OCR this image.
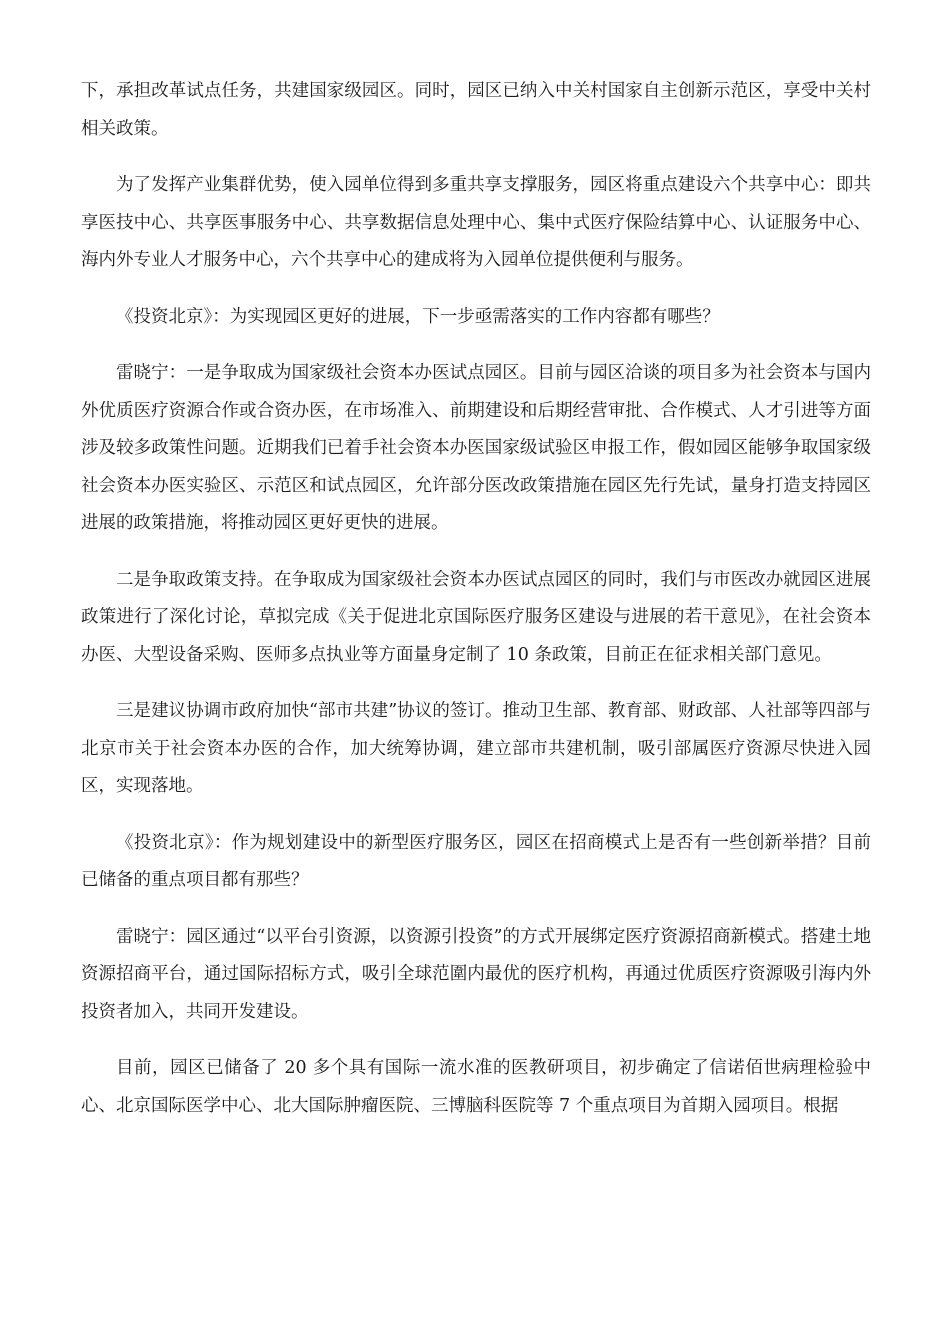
下，承担改革试点任务，共建国家级园区。同时，园区已纳入中关村国家自主创新示范区，享受中关村相关政策。

为了发挥产业集群优势，使入园单位得到多重共享支撑服务，园区将重点建设六个共享中心：即共享医技中心、共享医事服务中心、共享数据信息处理中心、集中式医疗保险结算中心、认证服务中心、海内外专业人才服务中心，六个共享中心的建成将为入园单位提供便利与服务。

《投资北京》：为实现园区更好的进展，下一步亟需落实的工作内容都有哪些？

雷晓宁：一是争取成为国家级社会资本办医试点园区。目前与园区洽谈的项目多为社会资本与国内外优质医疗资源合作或合资办医，在市场准入、前期建设和后期经营审批、合作模式、人才引进等方面涉及较多政策性问题。近期我们已着手社会资本办医国家级试验区申报工作，假如园区能够争取国家级社会资本办医实验区、示范区和试点园区，允许部分医改政策措施在园区先行先试，量身打造支持园区进展的政策措施，将推动园区更好更快的进展。

二是争取政策支持。在争取成为国家级社会资本办医试点园区的同时，我们与市医改办就园区进展政策进行了深化讨论，草拟完成《关于促进北京国际医疗服务区建设与进展的若干意见》，在社会资本办医、大型设备采购、医师多点执业等方面量身定制了 10 条政策，目前正在征求相关部门意见。

三是建议协调市政府加快“部市共建”协议的签订。推动卫生部、教育部、财政部、人社部等四部与北京市关于社会资本办医的合作，加大统筹协调，建立部市共建机制，吸引部属医疗资源尽快进入园区，实现落地。

《投资北京》：作为规划建设中的新型医疗服务区，园区在招商模式上是否有一些创新举措？目前已储备的重点项目都有那些？

雷晓宁：园区通过“以平台引资源，以资源引投资”的方式开展绑定医疗资源招商新模式。搭建土地资源招商平台，通过国际招标方式，吸引全球范圍内最优的医疗机构，再通过优质医疗资源吸引海内外投资者加入，共同开发建设。

目前，园区已储备了 20 多个具有国际一流水准的医教研项目，初步确定了信诺佰世病理检验中心、北京国际医学中心、北大国际肿瘤医院、三博脑科医院等 7 个重点项目为首期入园项目。根据
